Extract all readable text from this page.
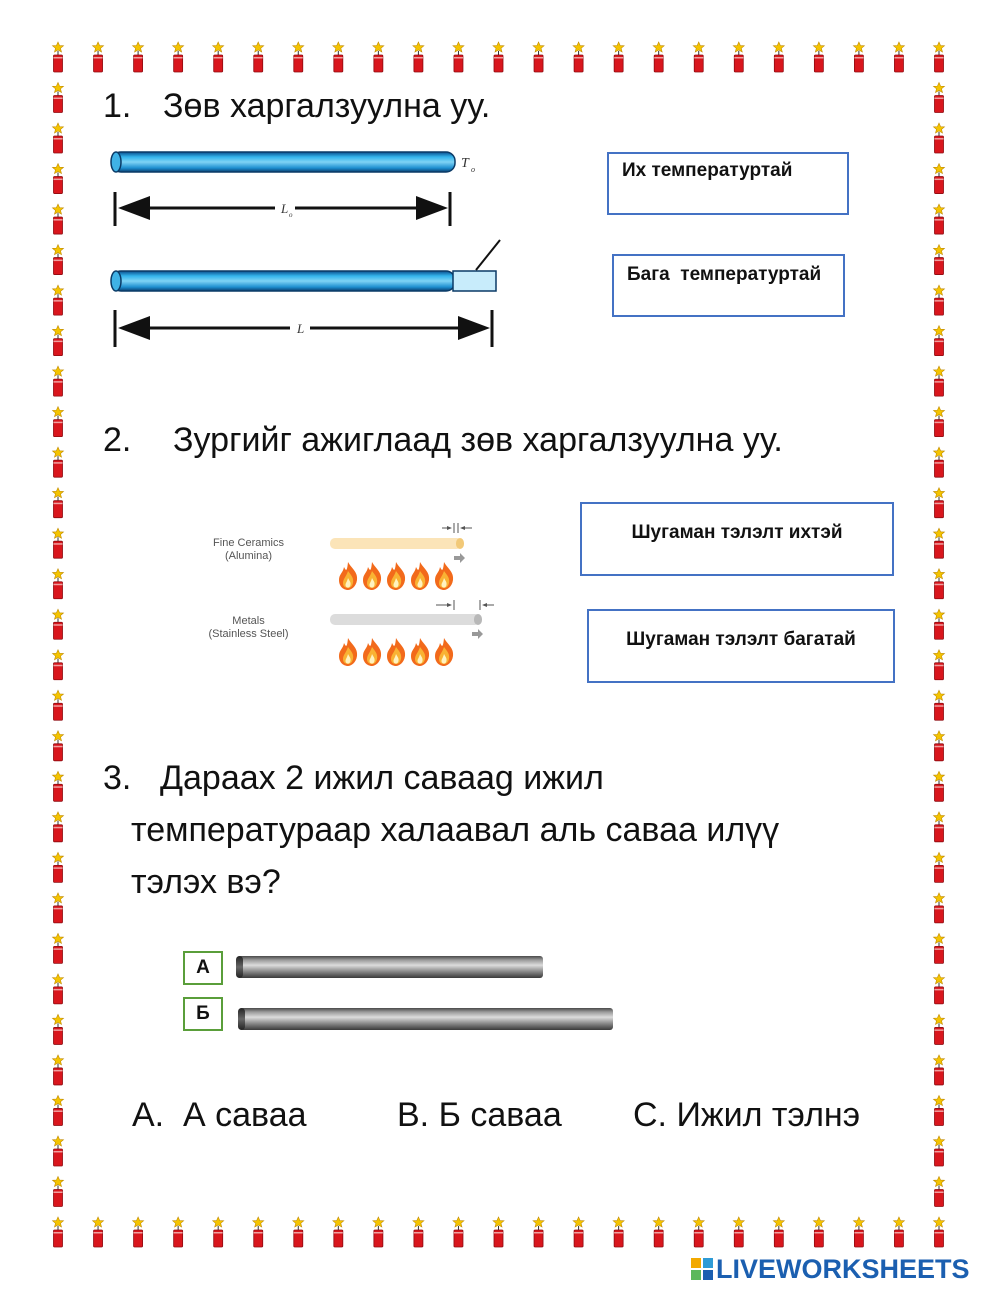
1. Зөв харгалзуулна уу.
T o
L o
L
Их температуртай
Бага  температуртай
2. Зургийг ажиглаад зөв харгалзуулна уу.
Fine Ceramics
(Alumina)
Metals
(Stainless Steel)
Шугаман тэлэлт ихтэй
Шугаман тэлэлт багатай
3. Дараах 2 ижил саваag ижил
температураар халаавал аль саваа илүү
тэлэх вэ?
А
Б
A.  А саваа	B. Б саваа C. Ижил тэлнэ
LIVEWORKSHEETS
